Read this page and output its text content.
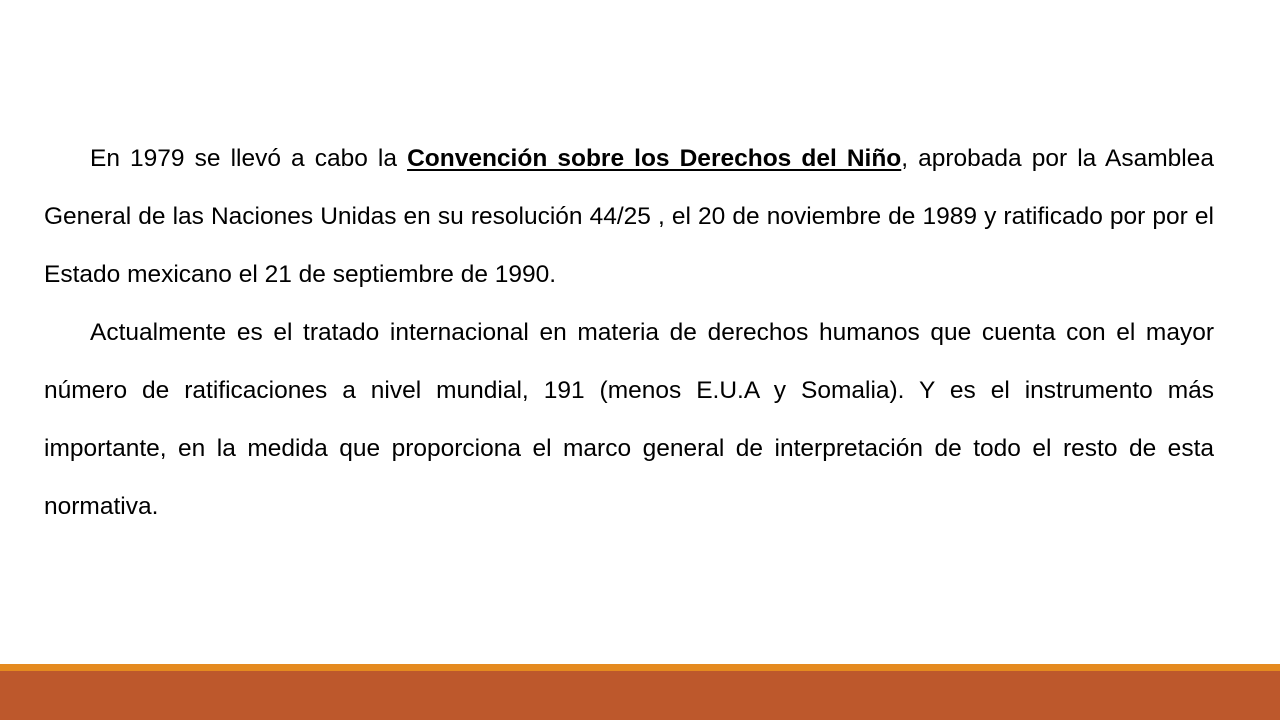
En 1979 se llevó a cabo la Convención sobre los Derechos del Niño, aprobada por la Asamblea General de las Naciones Unidas en su resolución 44/25 , el 20 de noviembre de 1989 y ratificado por por el Estado mexicano el 21 de septiembre de 1990.

Actualmente es el tratado internacional en materia de derechos humanos que cuenta con el mayor número de ratificaciones a nivel mundial, 191 (menos E.U.A y Somalia). Y es el instrumento más importante, en la medida que proporciona el marco general de interpretación de todo el resto de esta normativa.
